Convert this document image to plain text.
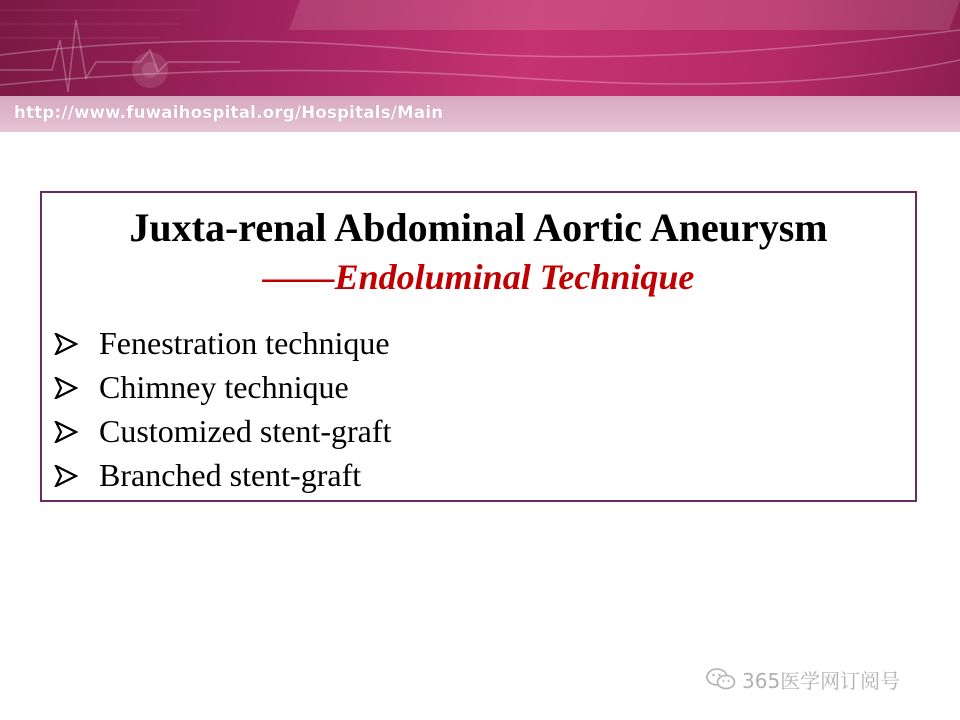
http://www.fuwaihospital.org/Hospitals/Main
Juxta-renal Abdominal Aortic Aneurysm
——Endoluminal Technique
Fenestration technique
Chimney technique
Customized stent-graft
Branched stent-graft
365医学网订阅号
